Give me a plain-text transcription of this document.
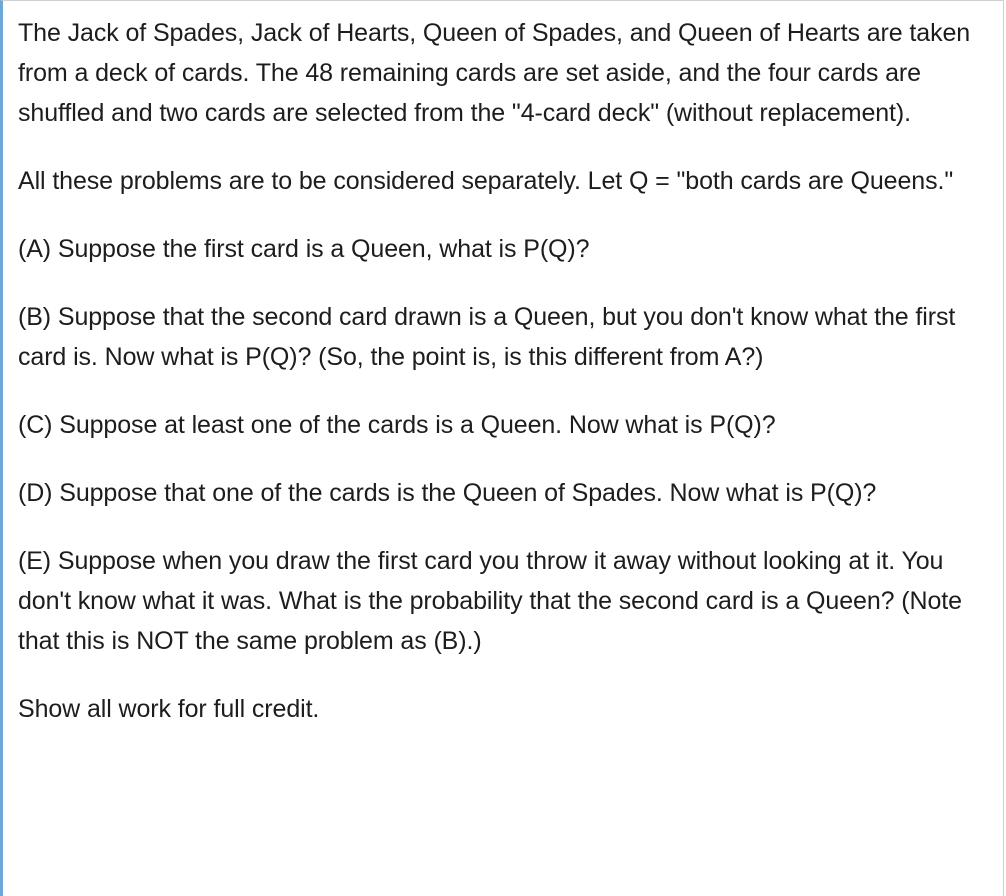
The Jack of Spades, Jack of Hearts, Queen of Spades, and Queen of Hearts are taken from a deck of cards. The 48 remaining cards are set aside, and the four cards are shuffled and two cards are selected from the "4-card deck" (without replacement).

All these problems are to be considered separately. Let Q = "both cards are Queens."

(A) Suppose the first card is a Queen, what is P(Q)?

(B) Suppose that the second card drawn is a Queen, but you don't know what the first card is. Now what is P(Q)? (So, the point is, is this different from A?)

(C) Suppose at least one of the cards is a Queen. Now what is P(Q)?

(D) Suppose that one of the cards is the Queen of Spades. Now what is P(Q)?

(E) Suppose when you draw the first card you throw it away without looking at it. You don't know what it was. What is the probability that the second card is a Queen? (Note that this is NOT the same problem as (B).)

Show all work for full credit.
